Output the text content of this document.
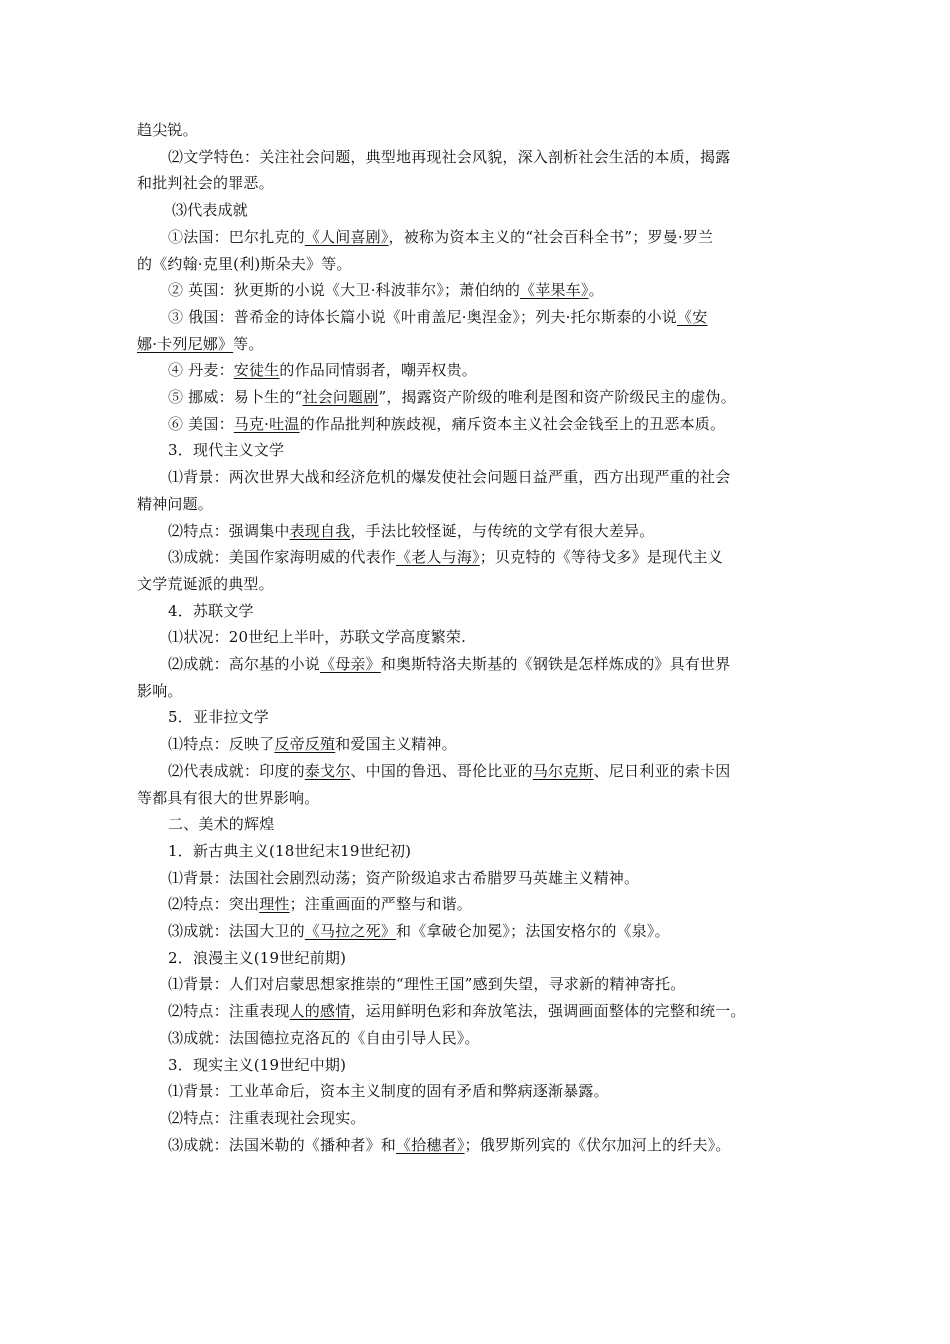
趋尖锐。
⑵文学特色：关注社会问题，典型地再现社会风貌，深入剖析社会生活的本质，揭露
和批判社会的罪恶。
⑶代表成就
①法国：巴尔扎克的《人间喜剧》，被称为资本主义的“社会百科全书”；罗曼·罗兰
的《约翰·克里(利)斯朵夫》等。
② 英国：狄更斯的小说《大卫·科波菲尔》；萧伯纳的《苹果车》。
③ 俄国：普希金的诗体长篇小说《叶甫盖尼·奥涅金》；列夫·托尔斯泰的小说《安
娜·卡列尼娜》等。
④ 丹麦：安徒生的作品同情弱者，嘲弄权贵。
⑤ 挪威：易卜生的“社会问题剧”，揭露资产阶级的唯利是图和资产阶级民主的虚伪。
⑥ 美国：马克·吐温的作品批判种族歧视，痛斥资本主义社会金钱至上的丑恶本质。
3．现代主义文学
⑴背景：两次世界大战和经济危机的爆发使社会问题日益严重，西方出现严重的社会
精神问题。
⑵特点：强调集中表现自我，手法比较怪诞，与传统的文学有很大差异。
⑶成就：美国作家海明威的代表作《老人与海》；贝克特的《等待戈多》是现代主义
文学荒诞派的典型。
4．苏联文学
⑴状况：20世纪上半叶，苏联文学高度繁荣.
⑵成就：高尔基的小说《母亲》和奥斯特洛夫斯基的《钢铁是怎样炼成的》具有世界
影响。
5．亚非拉文学
⑴特点：反映了反帝反殖和爱国主义精神。
⑵代表成就：印度的泰戈尔、中国的鲁迅、哥伦比亚的马尔克斯、尼日利亚的索卡因
等都具有很大的世界影响。
二、美术的辉煌
1．新古典主义(18世纪末19世纪初)
⑴背景：法国社会剧烈动荡；资产阶级追求古希腊罗马英雄主义精神。
⑵特点：突出理性；注重画面的严整与和谐。
⑶成就：法国大卫的《马拉之死》和《拿破仑加冕》；法国安格尔的《泉》。
2．浪漫主义(19世纪前期)
⑴背景：人们对启蒙思想家推崇的“理性王国”感到失望，寻求新的精神寄托。
⑵特点：注重表现人的感情，运用鲜明色彩和奔放笔法，强调画面整体的完整和统一。
⑶成就：法国德拉克洛瓦的《自由引导人民》。
3．现实主义(19世纪中期)
⑴背景：工业革命后，资本主义制度的固有矛盾和弊病逐渐暴露。
⑵特点：注重表现社会现实。
⑶成就：法国米勒的《播种者》和《拾穗者》；俄罗斯列宾的《伏尔加河上的纤夫》。
